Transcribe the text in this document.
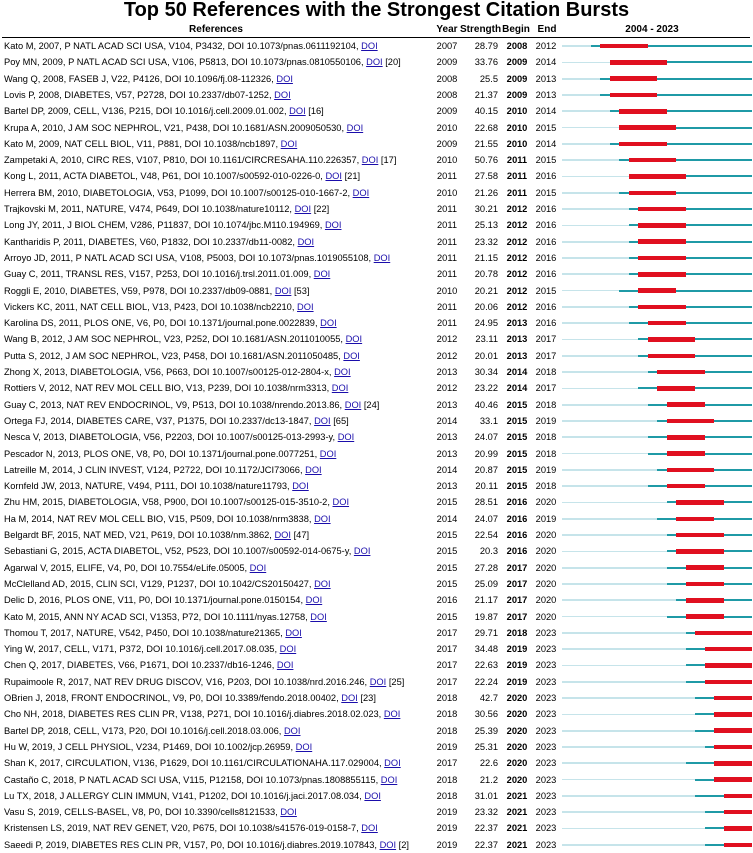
Top 50 References with the Strongest Citation Bursts
References	Year Strength Begin End	2004 - 2023
Kato M, 2007, P NATL ACAD SCI USA, V104, P3432, DOI 10.1073/pnas.0611192104, DOI	2007	28.79 2008 2012
Poy MN, 2009, P NATL ACAD SCI USA, V106, P5813, DOI 10.1073/pnas.0810550106, DOI [20]	2009	33.76 2009 2014
Wang Q, 2008, FASEB J, V22, P4126, DOI 10.1096/fj.08-112326, DOI	2008	25.5 2009 2013
Lovis P, 2008, DIABETES, V57, P2728, DOI 10.2337/db07-1252, DOI	2008	21.37 2009 2013
Bartel DP, 2009, CELL, V136, P215, DOI 10.1016/j.cell.2009.01.002, DOI [16]	2009	40.15 2010 2014
Krupa A, 2010, J AM SOC NEPHROL, V21, P438, DOI 10.1681/ASN.2009050530, DOI	2010	22.68 2010 2015
Kato M, 2009, NAT CELL BIOL, V11, P881, DOI 10.1038/ncb1897, DOI	2009	21.55 2010 2014
Zampetaki A, 2010, CIRC RES, V107, P810, DOI 10.1161/CIRCRESAHA.110.226357, DOI [17]	2010	50.76 2011 2015
Kong L, 2011, ACTA DIABETOL, V48, P61, DOI 10.1007/s00592-010-0226-0, DOI [21]	2011	27.58 2011 2016
Herrera BM, 2010, DIABETOLOGIA, V53, P1099, DOI 10.1007/s00125-010-1667-2, DOI	2010	21.26 2011 2015
Trajkovski M, 2011, NATURE, V474, P649, DOI 10.1038/nature10112, DOI [22]	2011	30.21 2012 2016
Long JY, 2011, J BIOL CHEM, V286, P11837, DOI 10.1074/jbc.M110.194969, DOI	2011	25.13 2012 2016
Kantharidis P, 2011, DIABETES, V60, P1832, DOI 10.2337/db11-0082, DOI	2011	23.32 2012 2016
Arroyo JD, 2011, P NATL ACAD SCI USA, V108, P5003, DOI 10.1073/pnas.1019055108, DOI	2011	21.15 2012 2016
Guay C, 2011, TRANSL RES, V157, P253, DOI 10.1016/j.trsl.2011.01.009, DOI	2011	20.78 2012 2016
Roggli E, 2010, DIABETES, V59, P978, DOI 10.2337/db09-0881, DOI [53]	2010	20.21 2012 2015
Vickers KC, 2011, NAT CELL BIOL, V13, P423, DOI 10.1038/ncb2210, DOI	2011	20.06 2012 2016
Karolina DS, 2011, PLOS ONE, V6, P0, DOI 10.1371/journal.pone.0022839, DOI	2011	24.95 2013 2016
Wang B, 2012, J AM SOC NEPHROL, V23, P252, DOI 10.1681/ASN.2011010055, DOI	2012	23.11 2013 2017
Putta S, 2012, J AM SOC NEPHROL, V23, P458, DOI 10.1681/ASN.2011050485, DOI	2012	20.01 2013 2017
Zhong X, 2013, DIABETOLOGIA, V56, P663, DOI 10.1007/s00125-012-2804-x, DOI	2013	30.34 2014 2018
Rottiers V, 2012, NAT REV MOL CELL BIO, V13, P239, DOI 10.1038/nrm3313, DOI	2012	23.22 2014 2017
Guay C, 2013, NAT REV ENDOCRINOL, V9, P513, DOI 10.1038/nrendo.2013.86, DOI [24]	2013	40.46 2015 2018
Ortega FJ, 2014, DIABETES CARE, V37, P1375, DOI 10.2337/dc13-1847, DOI [65]	2014	33.1 2015 2019
Nesca V, 2013, DIABETOLOGIA, V56, P2203, DOI 10.1007/s00125-013-2993-y, DOI	2013	24.07 2015 2018
Pescador N, 2013, PLOS ONE, V8, P0, DOI 10.1371/journal.pone.0077251, DOI	2013	20.99 2015 2018
Latreille M, 2014, J CLIN INVEST, V124, P2722, DOI 10.1172/JCI73066, DOI	2014	20.87 2015 2019
Kornfeld JW, 2013, NATURE, V494, P111, DOI 10.1038/nature11793, DOI	2013	20.11 2015 2018
Zhu HM, 2015, DIABETOLOGIA, V58, P900, DOI 10.1007/s00125-015-3510-2, DOI	2015	28.51 2016 2020
Ha M, 2014, NAT REV MOL CELL BIO, V15, P509, DOI 10.1038/nrm3838, DOI	2014	24.07 2016 2019
Belgardt BF, 2015, NAT MED, V21, P619, DOI 10.1038/nm.3862, DOI [47]	2015	22.54 2016 2020
Sebastiani G, 2015, ACTA DIABETOL, V52, P523, DOI 10.1007/s00592-014-0675-y, DOI	2015	20.3 2016 2020
Agarwal V, 2015, ELIFE, V4, P0, DOI 10.7554/eLife.05005, DOI	2015	27.28 2017 2020
McClelland AD, 2015, CLIN SCI, V129, P1237, DOI 10.1042/CS20150427, DOI	2015	25.09 2017 2020
Delic D, 2016, PLOS ONE, V11, P0, DOI 10.1371/journal.pone.0150154, DOI	2016	21.17 2017 2020
Kato M, 2015, ANN NY ACAD SCI, V1353, P72, DOI 10.1111/nyas.12758, DOI	2015	19.87 2017 2020
Thomou T, 2017, NATURE, V542, P450, DOI 10.1038/nature21365, DOI	2017	29.71 2018 2023
Ying W, 2017, CELL, V171, P372, DOI 10.1016/j.cell.2017.08.035, DOI	2017	34.48 2019 2023
Chen Q, 2017, DIABETES, V66, P1671, DOI 10.2337/db16-1246, DOI	2017	22.63 2019 2023
Rupaimoole R, 2017, NAT REV DRUG DISCOV, V16, P203, DOI 10.1038/nrd.2016.246, DOI [25]	2017	22.24 2019 2023
OBrien J, 2018, FRONT ENDOCRINOL, V9, P0, DOI 10.3389/fendo.2018.00402, DOI [23]	2018	42.7 2020 2023
Cho NH, 2018, DIABETES RES CLIN PR, V138, P271, DOI 10.1016/j.diabres.2018.02.023, DOI	2018	30.56 2020 2023
Bartel DP, 2018, CELL, V173, P20, DOI 10.1016/j.cell.2018.03.006, DOI	2018	25.39 2020 2023
Hu W, 2019, J CELL PHYSIOL, V234, P1469, DOI 10.1002/jcp.26959, DOI	2019	25.31 2020 2023
Shan K, 2017, CIRCULATION, V136, P1629, DOI 10.1161/CIRCULATIONAHA.117.029004, DOI	2017	22.6 2020 2023
Castaño C, 2018, P NATL ACAD SCI USA, V115, P12158, DOI 10.1073/pnas.1808855115, DOI	2018	21.2 2020 2023
Lu TX, 2018, J ALLERGY CLIN IMMUN, V141, P1202, DOI 10.1016/j.jaci.2017.08.034, DOI	2018	31.01 2021 2023
Vasu S, 2019, CELLS-BASEL, V8, P0, DOI 10.3390/cells8121533, DOI	2019	23.32 2021 2023
Kristensen LS, 2019, NAT REV GENET, V20, P675, DOI 10.1038/s41576-019-0158-7, DOI	2019	22.37 2021 2023
Saeedi P, 2019, DIABETES RES CLIN PR, V157, P0, DOI 10.1016/j.diabres.2019.107843, DOI [2]	2019	22.37 2021 2023
